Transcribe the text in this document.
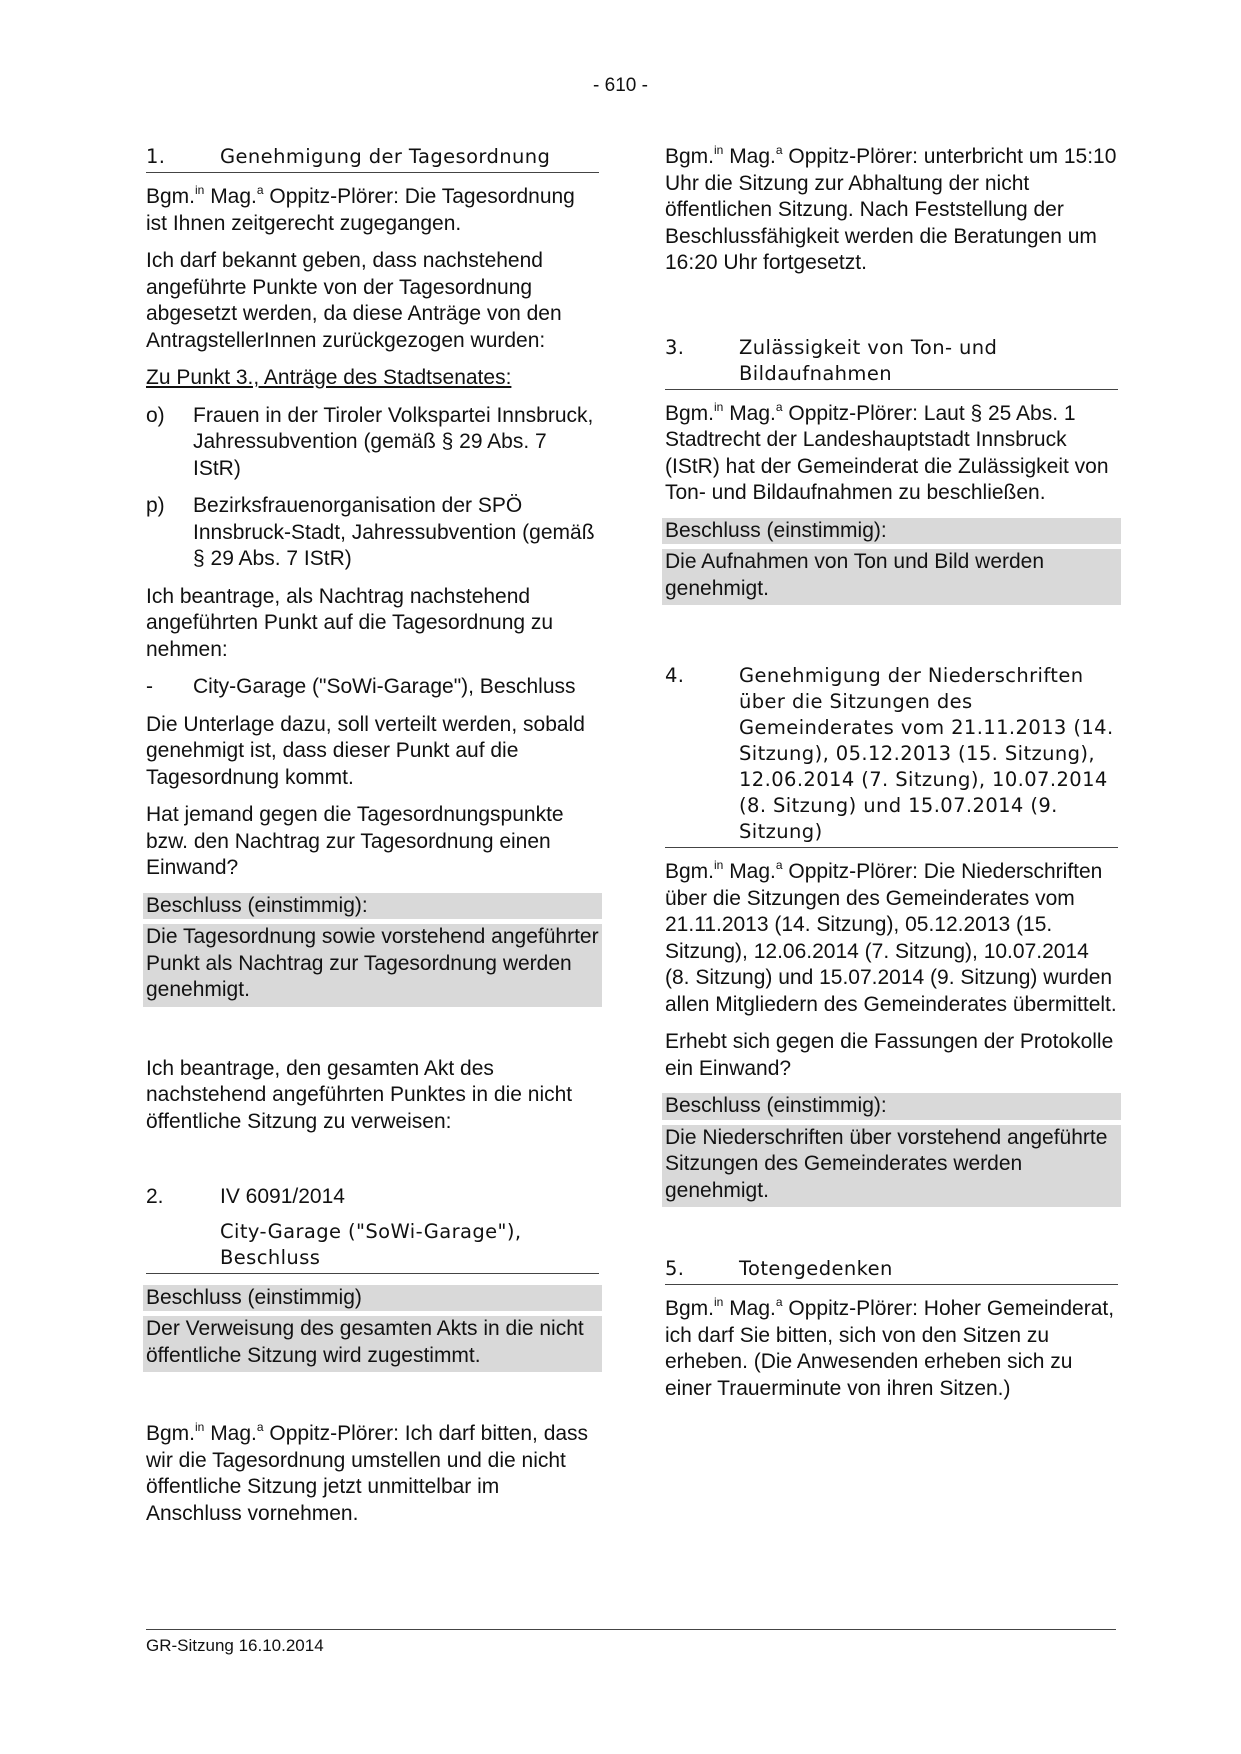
- 610 -
1.	Genehmigung der Tagesordnung

Bgm.$^{in}$ Mag.$^a$ Oppitz-Plörer: Die Tagesordnung ist Ihnen zeitgerecht zugegangen.

Ich darf bekannt geben, dass nachstehend angeführte Punkte von der Tagesordnung abgesetzt werden, da diese Anträge von den AntragstellerInnen zurückgezogen wurden:

Zu Punkt 3., Anträge des Stadtsenates:

o)	Frauen in der Tiroler Volkspartei Innsbruck, Jahressubvention (gemäß § 29 Abs. 7 IStR)
p)	Bezirksfrauenorganisation der SPÖ Innsbruck-Stadt, Jahressubvention (gemäß § 29 Abs. 7 IStR)

Ich beantrage, als Nachtrag nachstehend angeführten Punkt auf die Tagesordnung zu nehmen:

-	City-Garage ("SoWi-Garage"), Beschluss

Die Unterlage dazu, soll verteilt werden, sobald genehmigt ist, dass dieser Punkt auf die Tagesordnung kommt.

Hat jemand gegen die Tagesordnungspunkte bzw. den Nachtrag zur Tagesordnung einen Einwand?

Beschluss (einstimmig):
Die Tagesordnung sowie vorstehend angeführter Punkt als Nachtrag zur Tagesordnung werden genehmigt.

Ich beantrage, den gesamten Akt des nachstehend angeführten Punktes in die nicht öffentliche Sitzung zu verweisen:

2.	IV 6091/2014
City-Garage ("SoWi-Garage"), Beschluss
Beschluss (einstimmig)
Der Verweisung des gesamten Akts in die nicht öffentliche Sitzung wird zugestimmt.

Bgm.$^{in}$ Mag.$^a$ Oppitz-Plörer: Ich darf bitten, dass wir die Tagesordnung umstellen und die nicht öffentliche Sitzung jetzt unmittelbar im Anschluss vornehmen.

Bgm.$^{in}$ Mag.$^a$ Oppitz-Plörer: unterbricht um 15:10 Uhr die Sitzung zur Abhaltung der nicht öffentlichen Sitzung. Nach Feststellung der Beschlussfähigkeit werden die Beratungen um 16:20 Uhr fortgesetzt.

3.	Zulässigkeit von Ton- und Bildaufnahmen

Bgm.$^{in}$ Mag.$^a$ Oppitz-Plörer: Laut § 25 Abs. 1 Stadtrecht der Landeshauptstadt Innsbruck (IStR) hat der Gemeinderat die Zulässigkeit von Ton- und Bildaufnahmen zu beschließen.

Beschluss (einstimmig):
Die Aufnahmen von Ton und Bild werden genehmigt.
4.	Genehmigung der Niederschriften über die Sitzungen des Gemeinderates vom 21.11.2013 (14. Sitzung), 05.12.2013 (15. Sitzung), 12.06.2014 (7. Sitzung), 10.07.2014 (8. Sitzung) und 15.07.2014 (9. Sitzung)

Bgm.$^{in}$ Mag.$^a$ Oppitz-Plörer: Die Niederschriften über die Sitzungen des Gemeinderates vom 21.11.2013 (14. Sitzung), 05.12.2013 (15. Sitzung), 12.06.2014 (7. Sitzung), 10.07.2014 (8. Sitzung) und 15.07.2014 (9. Sitzung) wurden allen Mitgliedern des Gemeinderates übermittelt.

Erhebt sich gegen die Fassungen der Protokolle ein Einwand?

Beschluss (einstimmig):
Die Niederschriften über vorstehend angeführte Sitzungen des Gemeinderates werden genehmigt.
5.	Totengedenken

Bgm.$^{in}$ Mag.$^a$ Oppitz-Plörer: Hoher Gemeinderat, ich darf Sie bitten, sich von den Sitzen zu erheben. (Die Anwesenden erheben sich zu einer Trauerminute von ihren Sitzen.)

GR-Sitzung 16.10.2014
